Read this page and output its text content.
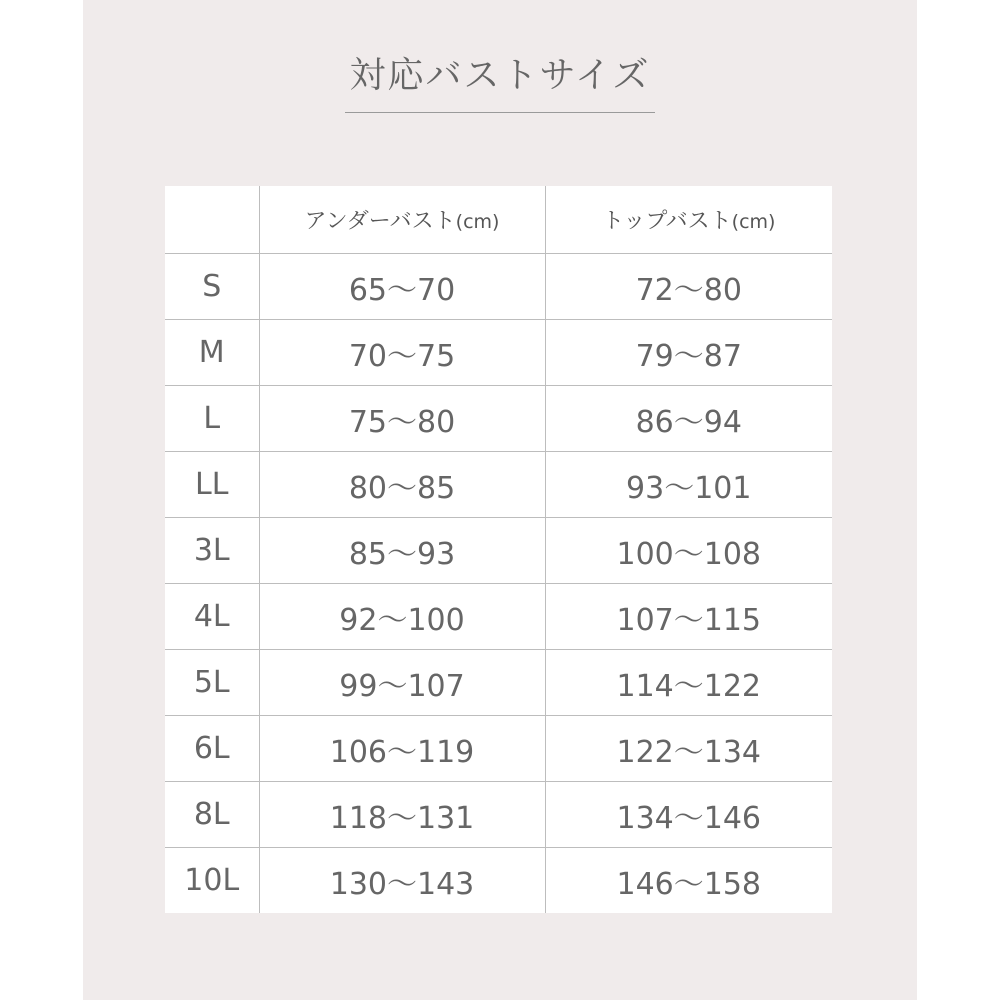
対応バストサイズ
	アンダーバスト(cm)	トップバスト(cm)
S	65〜70	72〜80
M	70〜75	79〜87
L	75〜80	86〜94
LL	80〜85	93〜101
3L	85〜93	100〜108
4L	92〜100	107〜115
5L	99〜107	114〜122
6L	106〜119	122〜134
8L	118〜131	134〜146
10L	130〜143	146〜158
